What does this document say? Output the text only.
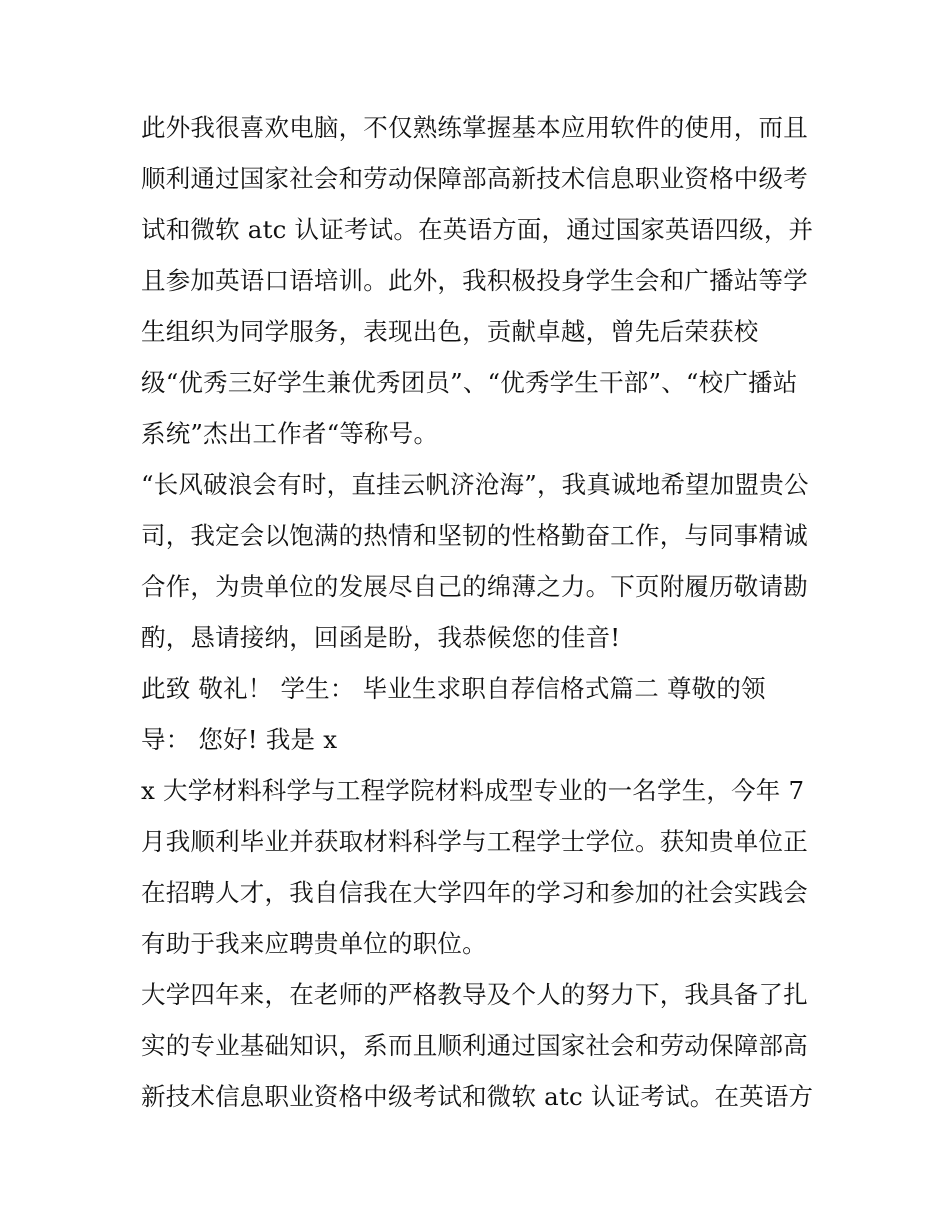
此外我很喜欢电脑，不仅熟练掌握基本应用软件的使用，而且
顺利通过国家社会和劳动保障部高新技术信息职业资格中级考
试和微软 atc 认证考试。在英语方面，通过国家英语四级，并
且参加英语口语培训。此外，我积极投身学生会和广播站等学
生组织为同学服务，表现出色，贡献卓越，曾先后荣获校
级“优秀三好学生兼优秀团员”、“优秀学生干部”、“校广播站
系统”杰出工作者“等称号。
“长风破浪会有时，直挂云帆济沧海”，我真诚地希望加盟贵公
司，我定会以饱满的热情和坚韧的性格勤奋工作，与同事精诚
合作，为贵单位的发展尽自己的绵薄之力。下页附履历敬请勘
酌，恳请接纳，回函是盼，我恭候您的佳音!
此致 敬礼！ 学生： 毕业生求职自荐信格式篇二 尊敬的领
导： 您好! 我是 x
x 大学材料科学与工程学院材料成型专业的一名学生，今年 7
月我顺利毕业并获取材料科学与工程学士学位。获知贵单位正
在招聘人才，我自信我在大学四年的学习和参加的社会实践会
有助于我来应聘贵单位的职位。
大学四年来，在老师的严格教导及个人的努力下，我具备了扎
实的专业基础知识，系而且顺利通过国家社会和劳动保障部高
新技术信息职业资格中级考试和微软 atc 认证考试。在英语方
